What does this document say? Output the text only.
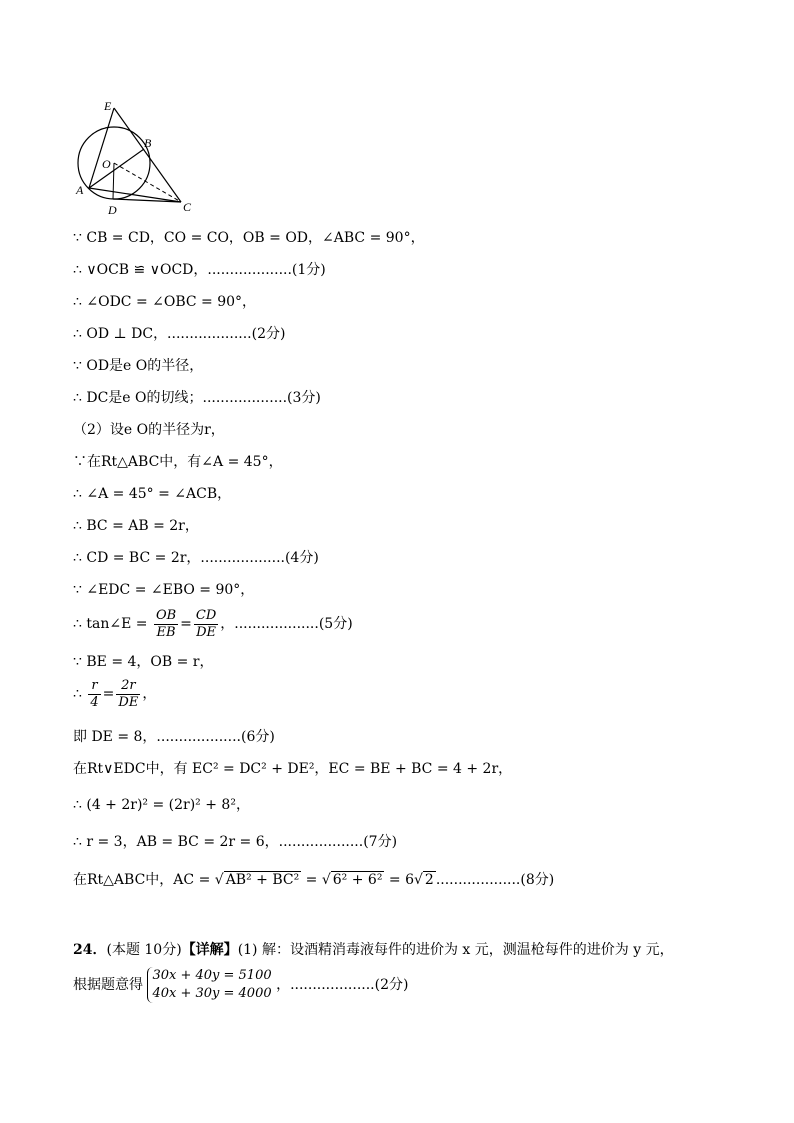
E
B
O
A
D	C
∵ CB = CD，CO = CO，OB = OD，∠ABC = 90°，
∴ ∨OCB ≌ ∨OCD，...................(1分)
∴ ∠ODC = ∠OBC = 90°，
∴ OD ⊥ DC，...................(2分)
∵ OD是e O的半径，
∴ DC是e O的切线；...................(3分)
（2）设e O的半径为r，
∵在Rt△ABC中，有∠A = 45°，
∴ ∠A = 45° = ∠ACB，
∴ BC = AB = 2r，
∴ CD = BC = 2r，...................(4分)
∵ ∠EDC = ∠EBO = 90°，
∴ tan∠E = $\frac{OB}{EB} = \frac{CD}{DE}$ ，...................(5分)
∵ BE = 4，OB = r，
∴ $\frac{r}{4} = \frac{2r}{DE}$ ，
即 DE = 8，...................(6分)
在Rt∨EDC中，有 EC² = DC² + DE²，EC = BE + BC = 4 + 2r，
∴ (4 + 2r)² = (2r)² + 8²，
∴ r = 3，AB = BC = 2r = 6，...................(7分)
在Rt△ABC中，AC = √ AB² + BC² = √ 6² + 6² = 6√ 2 ...................(8分)
24．(本题 10分)【详解】(1) 解：设酒精消毒液每件的进价为 x 元，测温枪每件的进价为 y 元，
根据题意得
30x + 40y = 5100
40x + 30y = 4000
，...................(2分)
